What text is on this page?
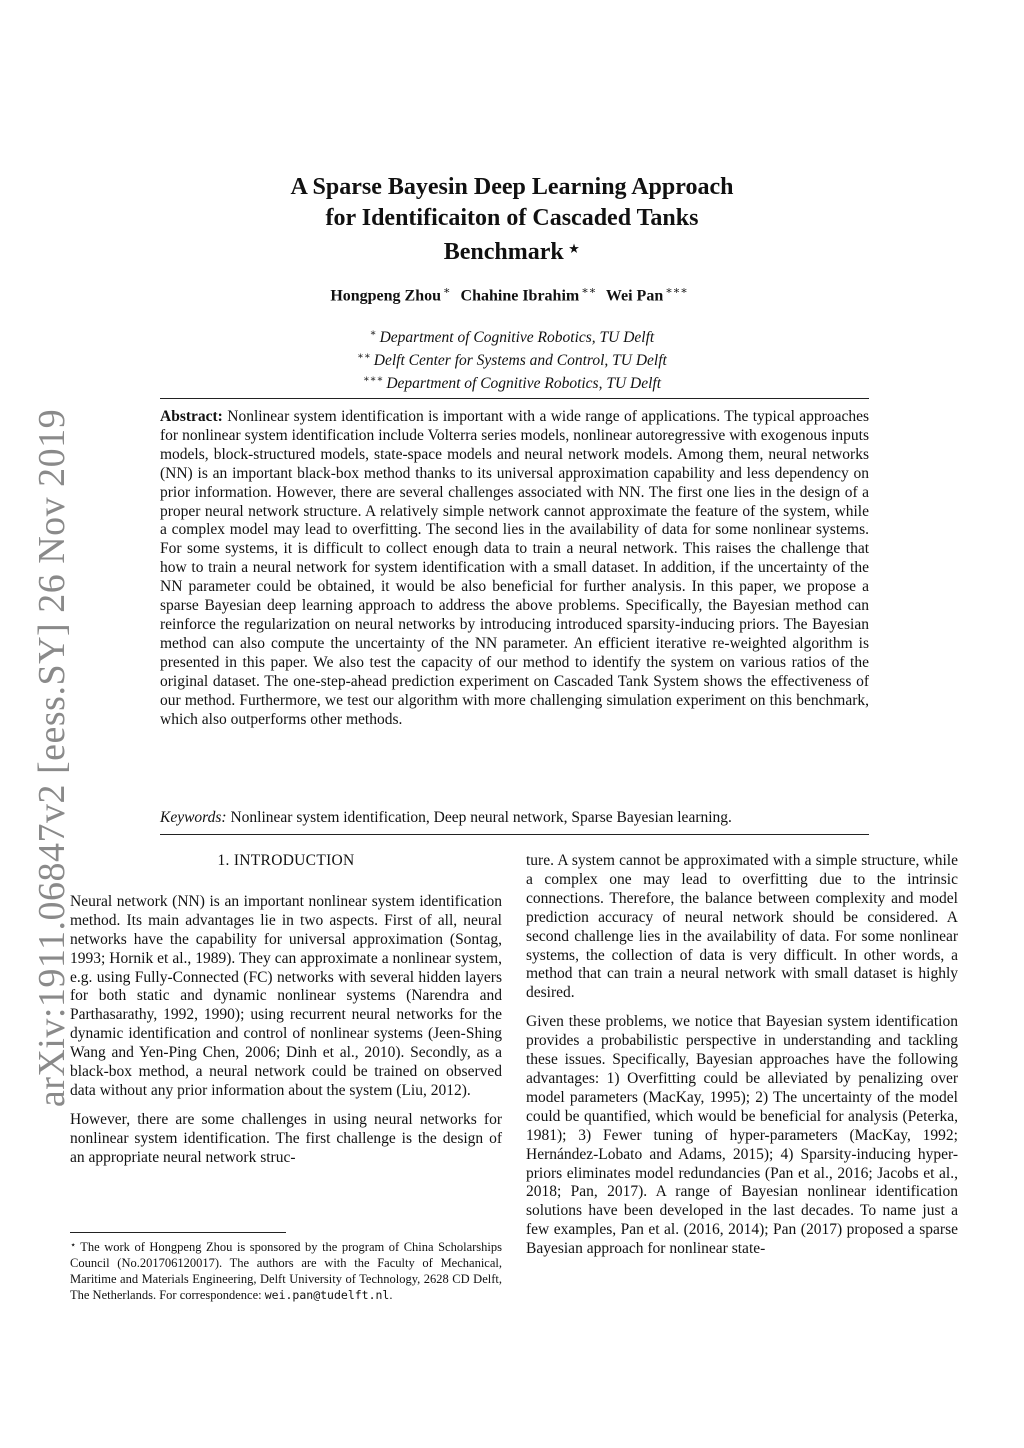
arXiv:1911.06847v2 [eess.SY] 26 Nov 2019
A Sparse Bayesin Deep Learning Approach
for Identificaiton of Cascaded Tanks
Benchmark ⋆
Hongpeng Zhou ∗ Chahine Ibrahim ∗∗ Wei Pan ∗∗∗
∗ Department of Cognitive Robotics, TU Delft
∗∗ Delft Center for Systems and Control, TU Delft
∗∗∗ Department of Cognitive Robotics, TU Delft
Abstract: Nonlinear system identification is important with a wide range of applications. The typical approaches for nonlinear system identification include Volterra series models, nonlinear autoregressive with exogenous inputs models, block-structured models, state-space models and neural network models. Among them, neural networks (NN) is an important black-box method thanks to its universal approximation capability and less dependency on prior information. However, there are several challenges associated with NN. The first one lies in the design of a proper neural network structure. A relatively simple network cannot approximate the feature of the system, while a complex model may lead to overfitting. The second lies in the availability of data for some nonlinear systems. For some systems, it is difficult to collect enough data to train a neural network. This raises the challenge that how to train a neural network for system identification with a small dataset. In addition, if the uncertainty of the NN parameter could be obtained, it would be also beneficial for further analysis. In this paper, we propose a sparse Bayesian deep learning approach to address the above problems. Specifically, the Bayesian method can reinforce the regularization on neural networks by introducing introduced sparsity-inducing priors. The Bayesian method can also compute the uncertainty of the NN parameter. An efficient iterative re-weighted algorithm is presented in this paper. We also test the capacity of our method to identify the system on various ratios of the original dataset. The one-step-ahead prediction experiment on Cascaded Tank System shows the effectiveness of our method. Furthermore, we test our algorithm with more challenging simulation experiment on this benchmark, which also outperforms other methods.
Keywords: Nonlinear system identification, Deep neural network, Sparse Bayesian learning.
1. INTRODUCTION

Neural network (NN) is an important nonlinear system identification method. Its main advantages lie in two aspects. First of all, neural networks have the capability for universal approximation (Sontag, 1993; Hornik et al., 1989). They can approximate a nonlinear system, e.g. using Fully-Connected (FC) networks with several hidden layers for both static and dynamic nonlinear systems (Narendra and Parthasarathy, 1992, 1990); using recurrent neural networks for the dynamic identification and control of nonlinear systems (Jeen-Shing Wang and Yen-Ping Chen, 2006; Dinh et al., 2010). Secondly, as a black-box method, a neural network could be trained on observed data without any prior information about the system (Liu, 2012).

However, there are some challenges in using neural networks for nonlinear system identification. The first challenge is the design of an appropriate neural network struc-

ture. A system cannot be approximated with a simple structure, while a complex one may lead to overfitting due to the intrinsic connections. Therefore, the balance between complexity and model prediction accuracy of neural network should be considered. A second challenge lies in the availability of data. For some nonlinear systems, the collection of data is very difficult. In other words, a method that can train a neural network with small dataset is highly desired.

Given these problems, we notice that Bayesian system identification provides a probabilistic perspective in understanding and tackling these issues. Specifically, Bayesian approaches have the following advantages: 1) Overfitting could be alleviated by penalizing over model parameters (MacKay, 1995); 2) The uncertainty of the model could be quantified, which would be beneficial for analysis (Peterka, 1981); 3) Fewer tuning of hyper-parameters (MacKay, 1992; Hernández-Lobato and Adams, 2015); 4) Sparsity-inducing hyper-priors eliminates model redundancies (Pan et al., 2016; Jacobs et al., 2018; Pan, 2017). A range of Bayesian nonlinear identification solutions have been developed in the last decades. To name just a few examples, Pan et al. (2016, 2014); Pan (2017) proposed a sparse Bayesian approach for nonlinear state-

⋆ The work of Hongpeng Zhou is sponsored by the program of China Scholarships Council (No.201706120017). The authors are with the Faculty of Mechanical, Maritime and Materials Engineering, Delft University of Technology, 2628 CD Delft, The Netherlands. For correspondence: wei.pan@tudelft.nl.
